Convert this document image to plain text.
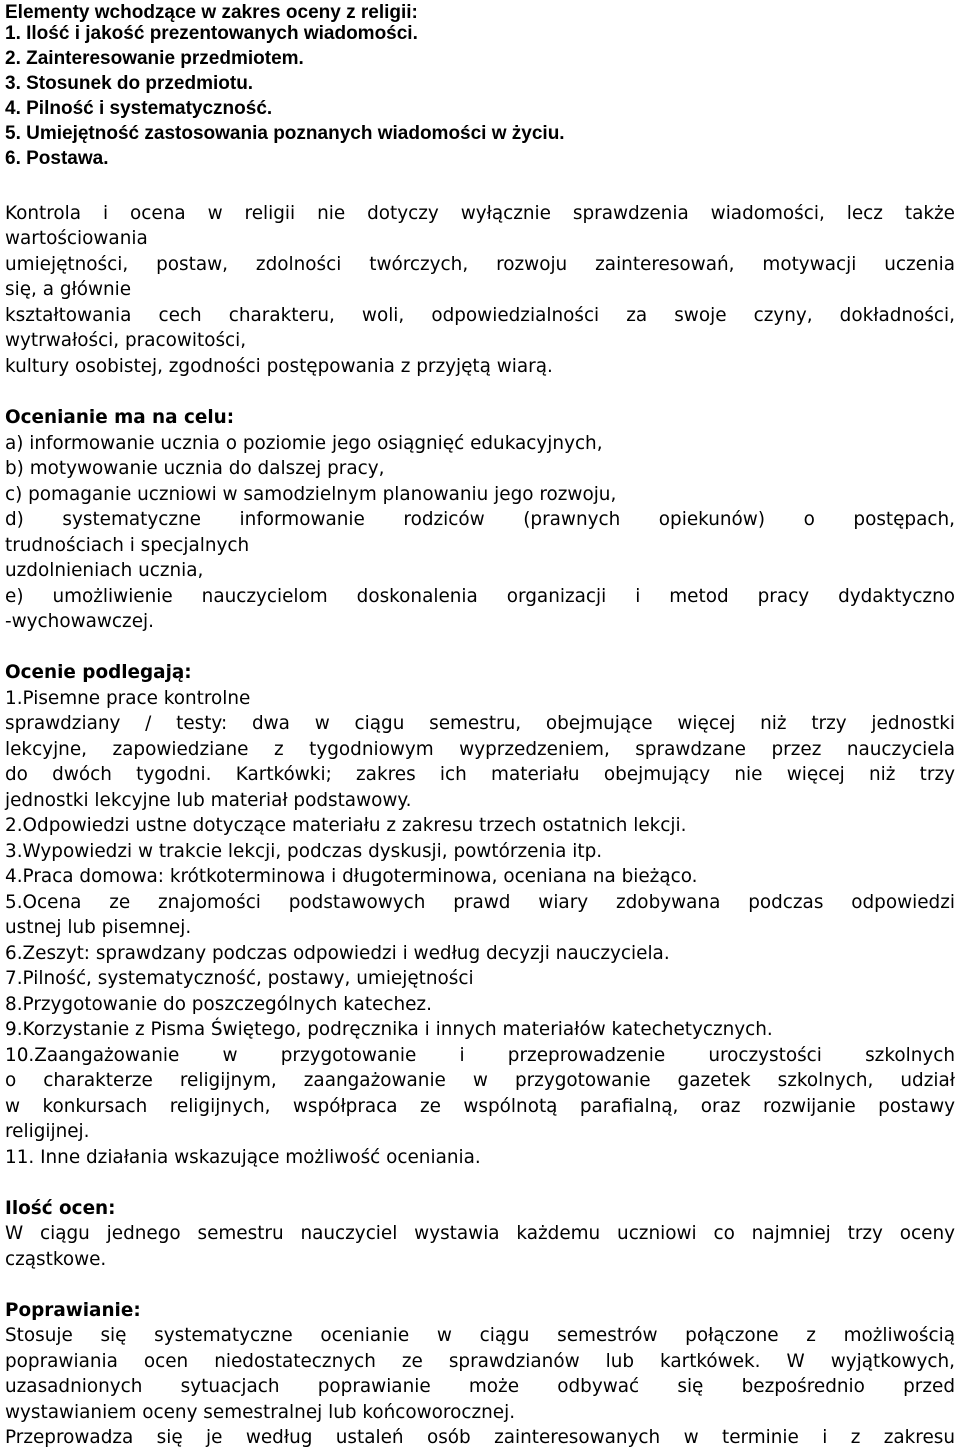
Elementy wchodzące w zakres oceny z religii:
1. Ilość i jakość prezentowanych wiadomości.
2. Zainteresowanie przedmiotem.
3. Stosunek do przedmiotu.
4. Pilność i systematyczność.
5. Umiejętność zastosowania poznanych wiadomości w życiu.
6. Postawa.
Kontrola i ocena w religii nie dotyczy wyłącznie sprawdzenia wiadomości, lecz także
wartościowania
umiejętności, postaw, zdolności twórczych, rozwoju zainteresowań, motywacji uczenia
się, a głównie
kształtowania cech charakteru, woli, odpowiedzialności za swoje czyny, dokładności,
wytrwałości, pracowitości,
kultury osobistej, zgodności postępowania z przyjętą wiarą.
Ocenianie ma na celu:
a) informowanie ucznia o poziomie jego osiągnięć edukacyjnych,
b) motywowanie ucznia do dalszej pracy,
c) pomaganie uczniowi w samodzielnym planowaniu jego rozwoju,
d) systematyczne informowanie rodziców (prawnych opiekunów) o postępach,
trudnościach i specjalnych
uzdolnieniach ucznia,
e) umożliwienie nauczycielom doskonalenia organizacji i metod pracy dydaktyczno
-wychowawczej.
Ocenie podlegają:
1.Pisemne prace kontrolne
sprawdziany / testy: dwa w ciągu semestru, obejmujące więcej niż trzy jednostki
lekcyjne, zapowiedziane z tygodniowym wyprzedzeniem, sprawdzane przez nauczyciela
do dwóch tygodni. Kartkówki; zakres ich materiału obejmujący nie więcej niż trzy
jednostki lekcyjne lub materiał podstawowy.
2.Odpowiedzi ustne dotyczące materiału z zakresu trzech ostatnich lekcji.
3.Wypowiedzi w trakcie lekcji, podczas dyskusji, powtórzenia itp.
4.Praca domowa: krótkoterminowa i długoterminowa, oceniana na bieżąco.
5.Ocena ze znajomości podstawowych prawd wiary zdobywana podczas odpowiedzi
ustnej lub pisemnej.
6.Zeszyt: sprawdzany podczas odpowiedzi i według decyzji nauczyciela.
7.Pilność, systematyczność, postawy, umiejętności
8.Przygotowanie do poszczególnych katechez.
9.Korzystanie z Pisma Świętego, podręcznika i innych materiałów katechetycznych.
10.Zaangażowanie w przygotowanie i przeprowadzenie uroczystości szkolnych
o charakterze religijnym, zaangażowanie w przygotowanie gazetek szkolnych, udział
w konkursach religijnych, współpraca ze wspólnotą parafialną, oraz rozwijanie postawy
religijnej.
11. Inne działania wskazujące możliwość oceniania.
Ilość ocen:
W ciągu jednego semestru nauczyciel wystawia każdemu uczniowi co najmniej trzy oceny
cząstkowe.
Poprawianie:
Stosuje się systematyczne ocenianie w ciągu semestrów połączone z możliwością
poprawiania ocen niedostatecznych ze sprawdzianów lub kartkówek. W wyjątkowych,
uzasadnionych sytuacjach poprawianie może odbywać się bezpośrednio przed
wystawianiem oceny semestralnej lub końcoworocznej.
Przeprowadza się je według ustaleń osób zainteresowanych w terminie i z zakresu
